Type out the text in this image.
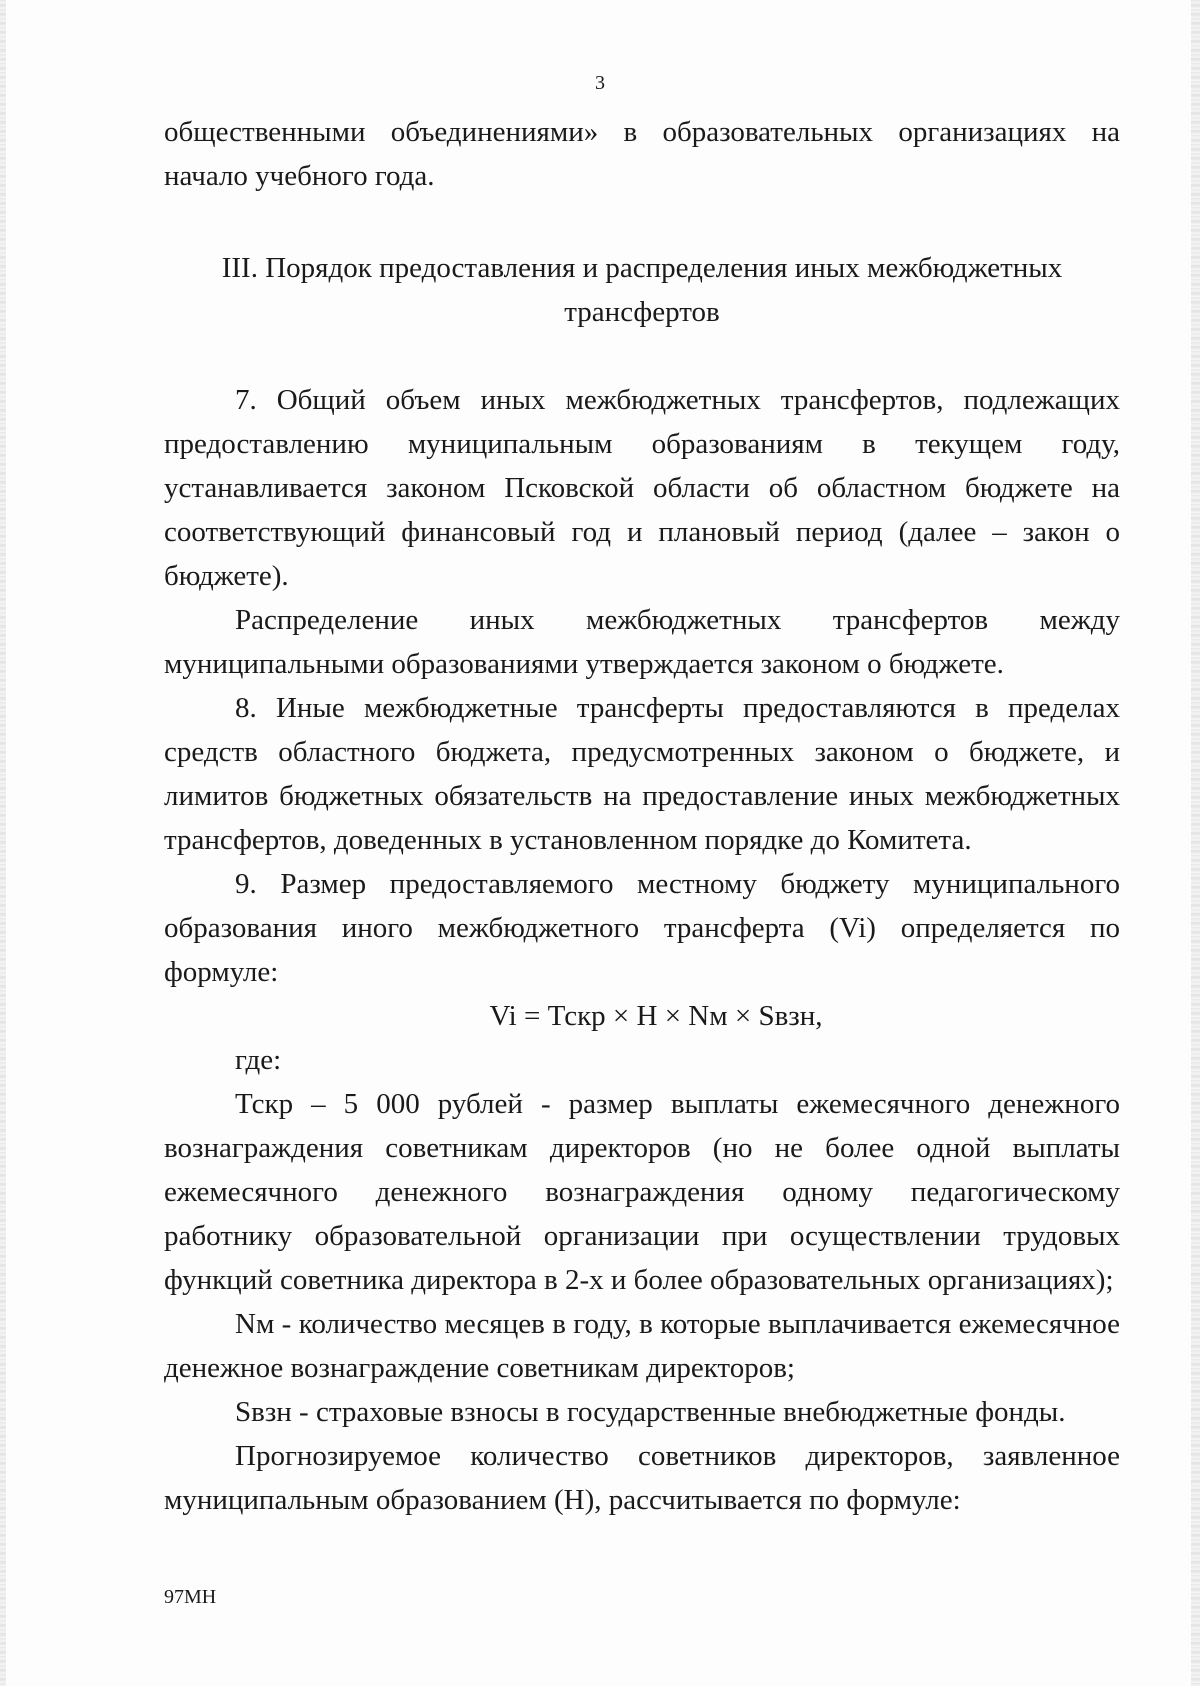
3

общественными объединениями» в образовательных организациях на начало учебного года.

III. Порядок предоставления и распределения иных межбюджетных
трансфертов

7. Общий объем иных межбюджетных трансфертов, подлежащих предоставлению муниципальным образованиям в текущем году, устанавливается законом Псковской области об областном бюджете на соответствующий финансовый год и плановый период (далее – закон о бюджете).

Распределение иных межбюджетных трансфертов между муниципальными образованиями утверждается законом о бюджете.

8. Иные межбюджетные трансферты предоставляются в пределах средств областного бюджета, предусмотренных законом о бюджете, и лимитов бюджетных обязательств на предоставление иных межбюджетных трансфертов, доведенных в установленном порядке до Комитета.

9. Размер предоставляемого местному бюджету муниципального образования иного межбюджетного трансферта (Vi) определяется по формуле:

Vi = Тскр × Н × Nм × Sвзн,

где:

Тскр – 5 000 рублей - размер выплаты ежемесячного денежного вознаграждения советникам директоров (но не более одной выплаты ежемесячного денежного вознаграждения одному педагогическому работнику образовательной организации при осуществлении трудовых функций советника директора в 2-х и более образовательных организациях);

Nм - количество месяцев в году, в которые выплачивается ежемесячное денежное вознаграждение советникам директоров;

Sвзн - страховые взносы в государственные внебюджетные фонды.

Прогнозируемое количество советников директоров, заявленное муниципальным образованием (Н), рассчитывается по формуле:

97МН
